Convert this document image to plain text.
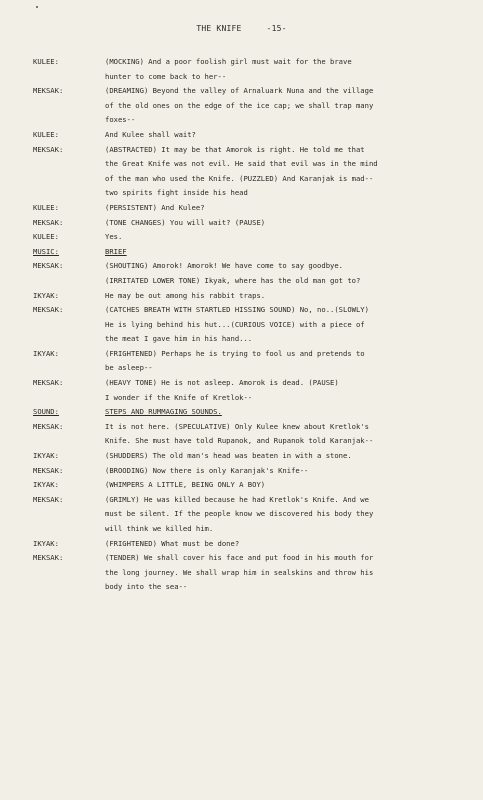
THE KNIFE	-15-
KULEE:	(MOCKING) And a poor foolish girl must wait for the brave
hunter to come back to her--
MEKSAK:	(DREAMING) Beyond the valley of Arnaluark Nuna and the village
of the old ones on the edge of the ice cap; we shall trap many
foxes--
KULEE:	And Kulee shall wait?
MEKSAK:	(ABSTRACTED) It may be that Amorok is right. He told me that
the Great Knife was not evil. He said that evil was in the mind
of the man who used the Knife. (PUZZLED) And Karanjak is mad--
two spirits fight inside his head
KULEE:	(PERSISTENT) And Kulee?
MEKSAK:	(TONE CHANGES) You will wait? (PAUSE)
KULEE:	Yes.
MUSIC:	BRIEF
MEKSAK:	(SHOUTING) Amorok! Amorok! We have come to say goodbye.
(IRRITATED LOWER TONE) Ikyak, where has the old man got to?
IKYAK:	He may be out among his rabbit traps.
MEKSAK:	(CATCHES BREATH WITH STARTLED HISSING SOUND) No, no..(SLOWLY)
He is lying behind his hut...(CURIOUS VOICE) with a piece of
the meat I gave him in his hand...
IKYAK:	(FRIGHTENED) Perhaps he is trying to fool us and pretends to
be asleep--
MEKSAK:	(HEAVY TONE) He is not asleep. Amorok is dead. (PAUSE)
I wonder if the Knife of Kretlok--
SOUND:	STEPS AND RUMMAGING SOUNDS.
MEKSAK:	It is not here. (SPECULATIVE) Only Kulee knew about Kretlok's
Knife. She must have told Rupanok, and Rupanok told Karanjak--
IKYAK:	(SHUDDERS) The old man's head was beaten in with a stone.
MEKSAK:	(BROODING) Now there is only Karanjak's Knife--
IKYAK:	(WHIMPERS A LITTLE, BEING ONLY A BOY)
MEKSAK:	(GRIMLY) He was killed because he had Kretlok's Knife. And we
must be silent. If the people know we discovered his body they
will think we killed him.
IKYAK:	(FRIGHTENED) What must be done?
MEKSAK:	(TENDER) We shall cover his face and put food in his mouth for
the long journey. We shall wrap him in sealskins and throw his
body into the sea--
